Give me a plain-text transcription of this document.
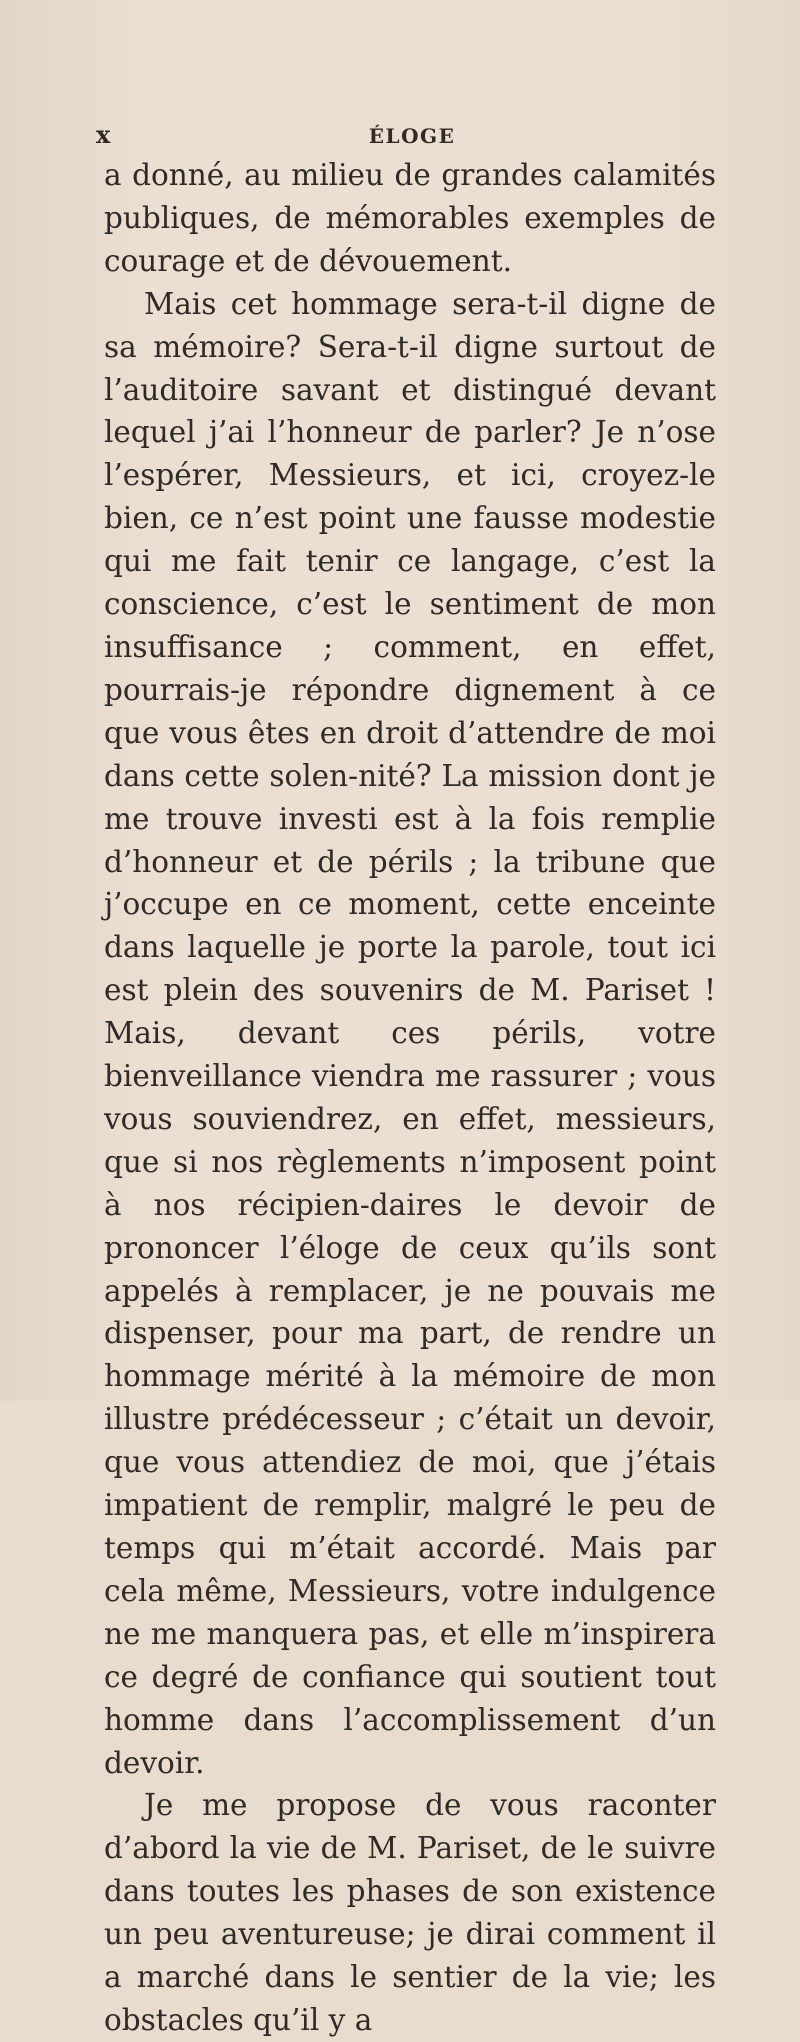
x	ÉLOGE

a donné, au milieu de grandes calamités publiques, de mémorables exemples de courage et de dévouement.

Mais cet hommage sera-t-il digne de sa mémoire? Sera-t-il digne surtout de l’auditoire savant et distingué devant lequel j’ai l’honneur de parler? Je n’ose l’espérer, Messieurs, et ici, croyez-le bien, ce n’est point une fausse modestie qui me fait tenir ce langage, c’est la conscience, c’est le sentiment de mon insuffisance ; comment, en effet, pourrais-je répondre dignement à ce que vous êtes en droit d’attendre de moi dans cette solen-nité? La mission dont je me trouve investi est à la fois remplie d’honneur et de périls ; la tribune que j’occupe en ce moment, cette enceinte dans laquelle je porte la parole, tout ici est plein des souvenirs de M. Pariset ! Mais, devant ces périls, votre bienveillance viendra me rassurer ; vous vous souviendrez, en effet, messieurs, que si nos règlements n’imposent point à nos récipien-daires le devoir de prononcer l’éloge de ceux qu’ils sont appelés à remplacer, je ne pouvais me dispenser, pour ma part, de rendre un hommage mérité à la mémoire de mon illustre prédécesseur ; c’était un devoir, que vous attendiez de moi, que j’étais impatient de remplir, malgré le peu de temps qui m’était accordé. Mais par cela même, Messieurs, votre indulgence ne me manquera pas, et elle m’inspirera ce degré de confiance qui soutient tout homme dans l’accomplissement d’un devoir.

Je me propose de vous raconter d’abord la vie de M. Pariset, de le suivre dans toutes les phases de son existence un peu aventureuse; je dirai comment il a marché dans le sentier de la vie; les obstacles qu’il y a
